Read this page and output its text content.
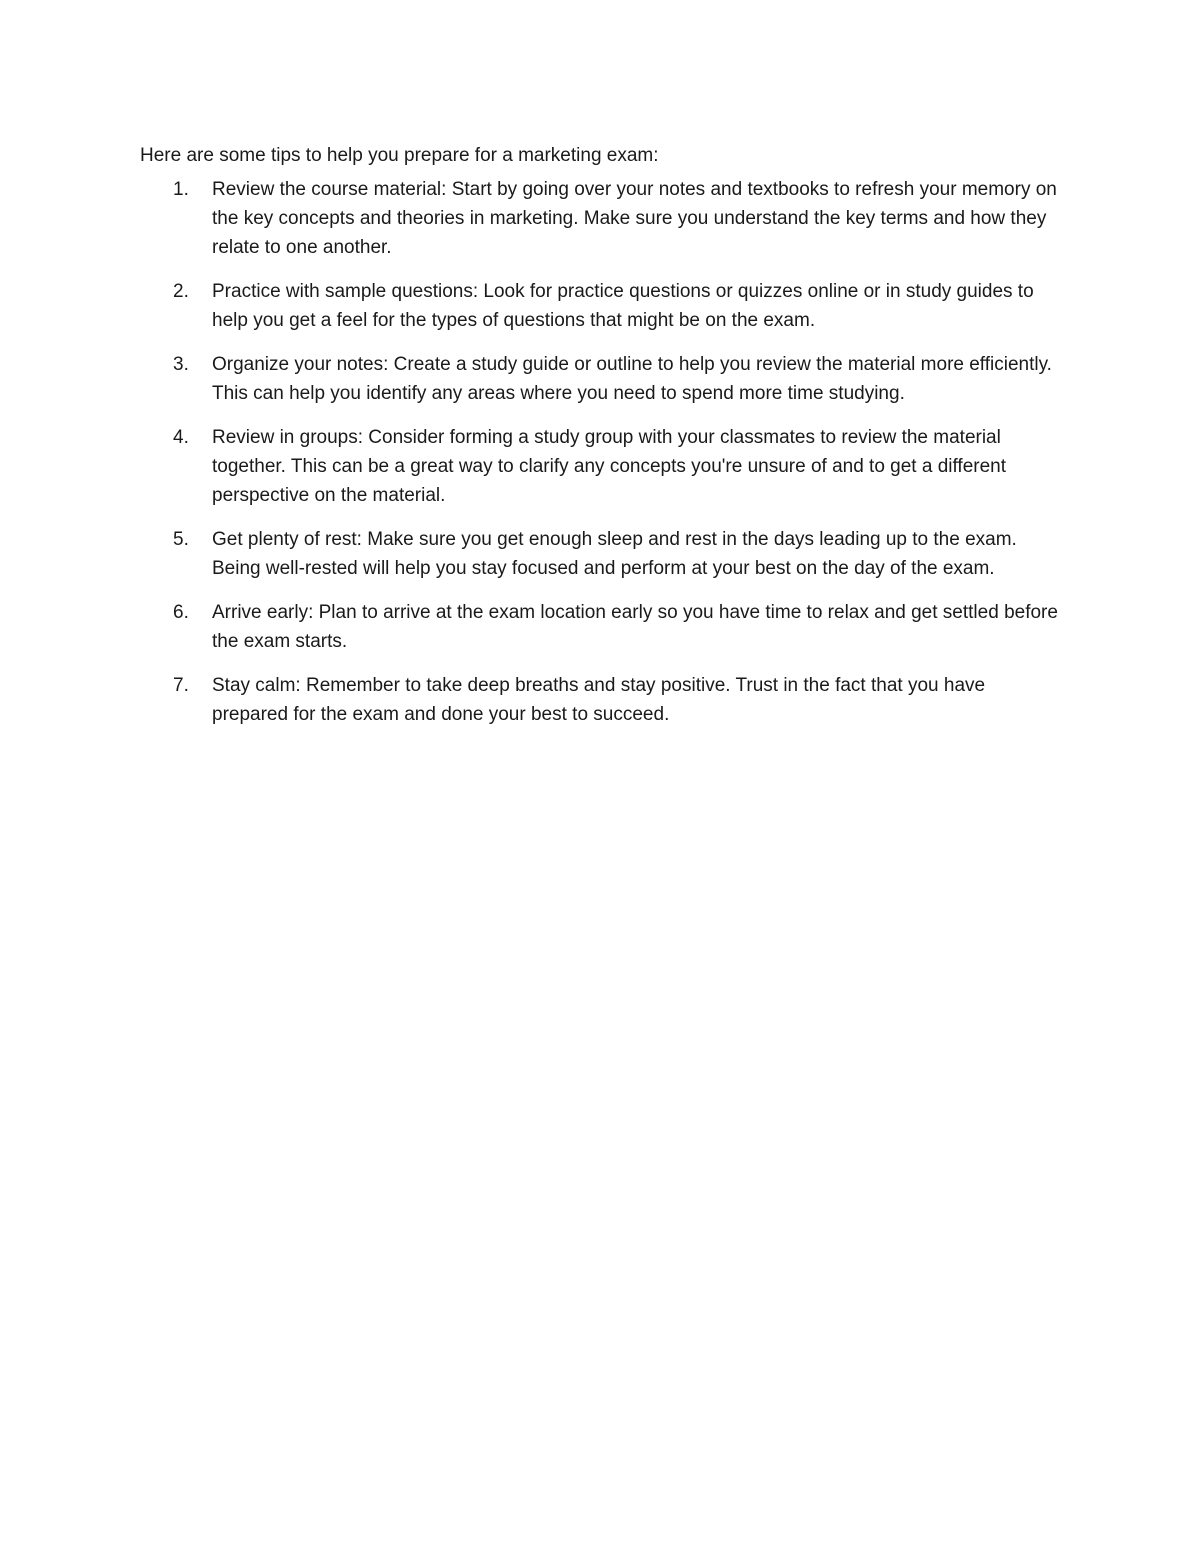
Here are some tips to help you prepare for a marketing exam:

1. Review the course material: Start by going over your notes and textbooks to refresh your memory on the key concepts and theories in marketing. Make sure you understand the key terms and how they relate to one another.
2. Practice with sample questions: Look for practice questions or quizzes online or in study guides to help you get a feel for the types of questions that might be on the exam.
3. Organize your notes: Create a study guide or outline to help you review the material more efficiently. This can help you identify any areas where you need to spend more time studying.
4. Review in groups: Consider forming a study group with your classmates to review the material together. This can be a great way to clarify any concepts you're unsure of and to get a different perspective on the material.
5. Get plenty of rest: Make sure you get enough sleep and rest in the days leading up to the exam. Being well-rested will help you stay focused and perform at your best on the day of the exam.
6. Arrive early: Plan to arrive at the exam location early so you have time to relax and get settled before the exam starts.
7. Stay calm: Remember to take deep breaths and stay positive. Trust in the fact that you have prepared for the exam and done your best to succeed.
